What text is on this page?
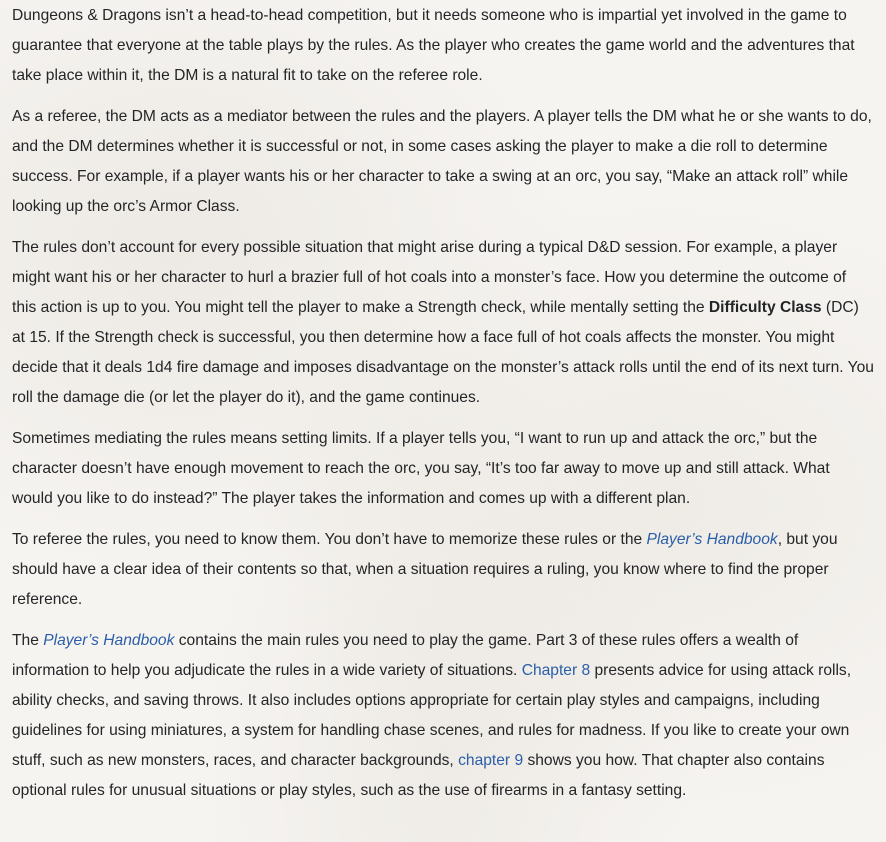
Dungeons & Dragons isn’t a head-to-head competition, but it needs someone who is impartial yet involved in the game to guarantee that everyone at the table plays by the rules. As the player who creates the game world and the adventures that take place within it, the DM is a natural fit to take on the referee role.

As a referee, the DM acts as a mediator between the rules and the players. A player tells the DM what he or she wants to do, and the DM determines whether it is successful or not, in some cases asking the player to make a die roll to determine success. For example, if a player wants his or her character to take a swing at an orc, you say, “Make an attack roll” while looking up the orc’s Armor Class.

The rules don’t account for every possible situation that might arise during a typical D&D session. For example, a player might want his or her character to hurl a brazier full of hot coals into a monster’s face. How you determine the outcome of this action is up to you. You might tell the player to make a Strength check, while mentally setting the Difficulty Class (DC) at 15. If the Strength check is successful, you then determine how a face full of hot coals affects the monster. You might decide that it deals 1d4 fire damage and imposes disadvantage on the monster’s attack rolls until the end of its next turn. You roll the damage die (or let the player do it), and the game continues.

Sometimes mediating the rules means setting limits. If a player tells you, “I want to run up and attack the orc,” but the character doesn’t have enough movement to reach the orc, you say, “It’s too far away to move up and still attack. What would you like to do instead?” The player takes the information and comes up with a different plan.

To referee the rules, you need to know them. You don’t have to memorize these rules or the Player’s Handbook, but you should have a clear idea of their contents so that, when a situation requires a ruling, you know where to find the proper reference.

The Player’s Handbook contains the main rules you need to play the game. Part 3 of these rules offers a wealth of information to help you adjudicate the rules in a wide variety of situations. Chapter 8 presents advice for using attack rolls, ability checks, and saving throws. It also includes options appropriate for certain play styles and campaigns, including guidelines for using miniatures, a system for handling chase scenes, and rules for madness. If you like to create your own stuff, such as new monsters, races, and character backgrounds, chapter 9 shows you how. That chapter also contains optional rules for unusual situations or play styles, such as the use of firearms in a fantasy setting.
